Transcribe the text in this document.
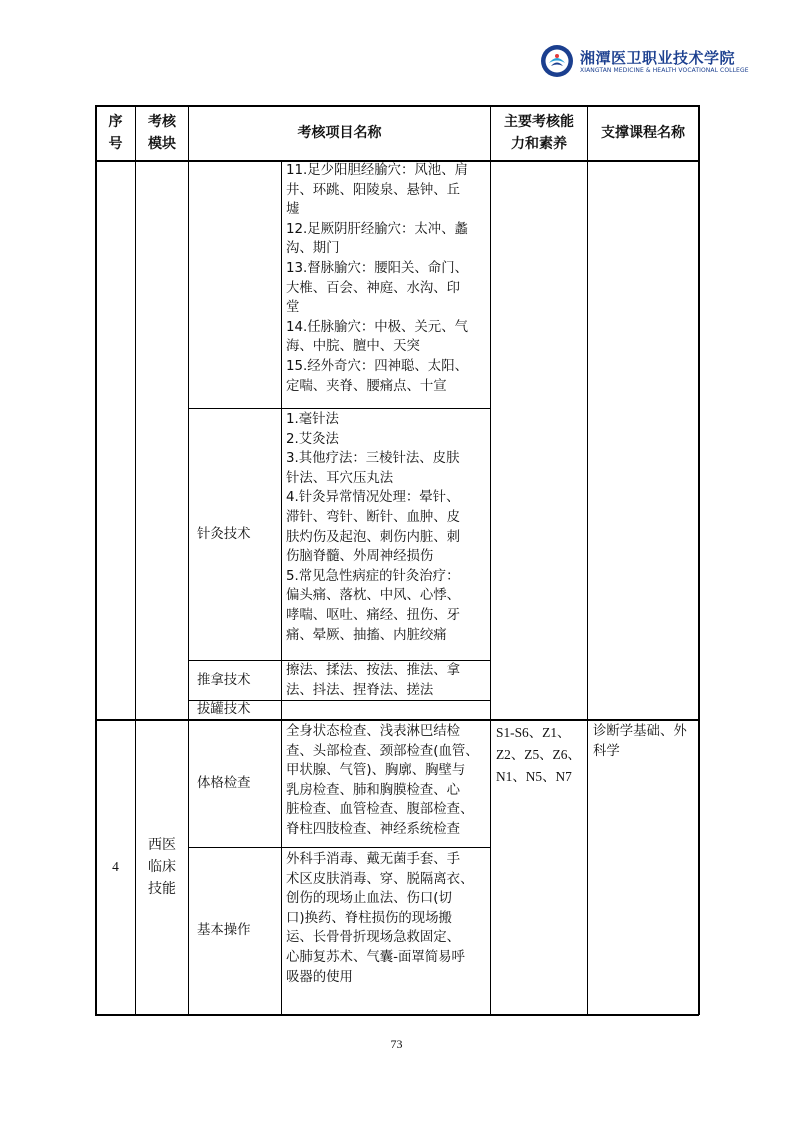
湘潭医卫职业技术学院
XIANGTAN MEDICINE & HEALTH VOCATIONAL COLLEGE
序
号
考核
模块
考核项目名称
主要考核能
力和素养
支撑课程名称
11.足少阳胆经腧穴：风池、肩
井、环跳、阳陵泉、悬钟、丘
墟
12.足厥阴肝经腧穴：太冲、蠡
沟、期门
13.督脉腧穴：腰阳关、命门、
大椎、百会、神庭、水沟、印
堂
14.任脉腧穴：中极、关元、气
海、中脘、膻中、天突
15.经外奇穴：四神聪、太阳、
定喘、夹脊、腰痛点、十宣
针灸技术
1.毫针法
2.艾灸法
3.其他疗法：三棱针法、皮肤
针法、耳穴压丸法
4.针灸异常情况处理：晕针、
滞针、弯针、断针、血肿、皮
肤灼伤及起泡、刺伤内脏、刺
伤脑脊髓、外周神经损伤
5.常见急性病症的针灸治疗：
偏头痛、落枕、中风、心悸、
哮喘、呕吐、痛经、扭伤、牙
痛、晕厥、抽搐、内脏绞痛
推拿技术
擦法、揉法、按法、推法、拿
法、抖法、捏脊法、搓法
拔罐技术
4
西医
临床
技能
体格检查
全身状态检查、浅表淋巴结检
查、头部检查、颈部检查(血管、
甲状腺、气管)、胸廓、胸壁与
乳房检查、肺和胸膜检查、心
脏检查、血管检查、腹部检查、
脊柱四肢检查、神经系统检查
基本操作
外科手消毒、戴无菌手套、手
术区皮肤消毒、穿、脱隔离衣、
创伤的现场止血法、伤口(切
口)换药、脊柱损伤的现场搬
运、长骨骨折现场急救固定、
心肺复苏术、气囊-面罩简易呼
吸器的使用
S1-S6、Z1、
Z2、Z5、Z6、
N1、N5、N7
诊断学基础、外
科学
73
